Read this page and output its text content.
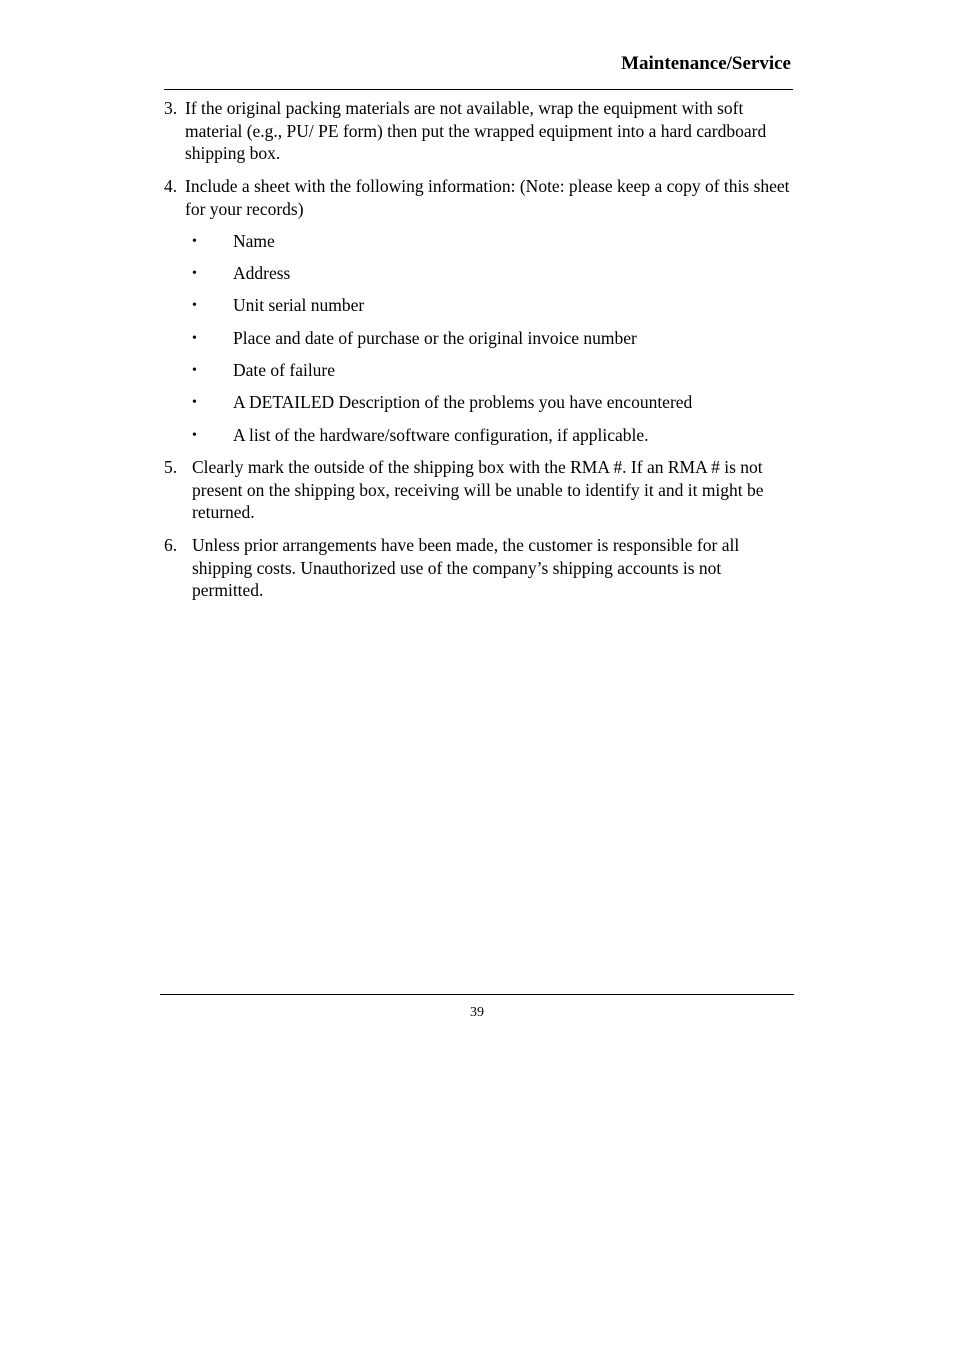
Maintenance/Service
3. If the original packing materials are not available, wrap the equipment with soft material (e.g., PU/ PE form) then put the wrapped equipment into a hard cardboard shipping box.
4. Include a sheet with the following information: (Note: please keep a copy of this sheet for your records)
• Name
• Address
• Unit serial number
• Place and date of purchase or the original invoice number
• Date of failure
• A DETAILED Description of the problems you have encountered
• A list of the hardware/software configuration, if applicable.
5. Clearly mark the outside of the shipping box with the RMA #. If an RMA # is not present on the shipping box, receiving will be unable to identify it and it might be returned.
6. Unless prior arrangements have been made, the customer is responsible for all shipping costs. Unauthorized use of the company’s shipping accounts is not permitted.
39
